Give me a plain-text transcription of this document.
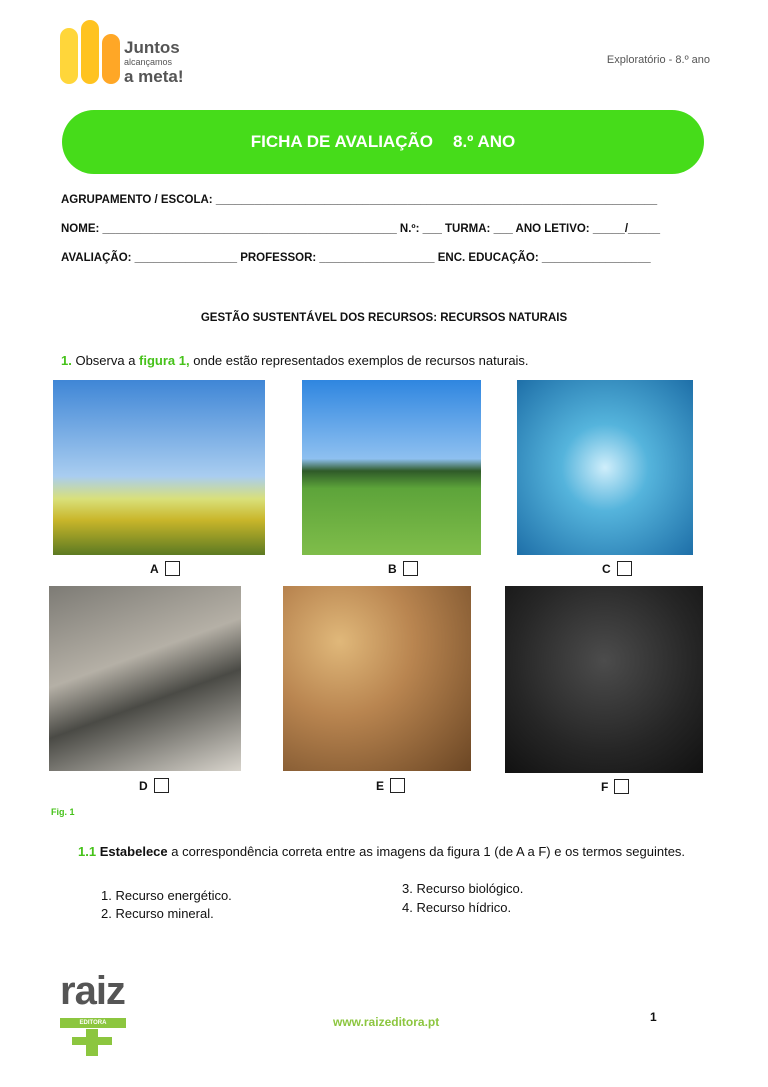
Juntos
alcançamos
a meta!
Exploratório - 8.º ano
FICHA DE AVALIAÇÃO 8.º ANO
AGRUPAMENTO / ESCOLA: _____________________________________________________________________
NOME: ______________________________________________ N.º: ___ TURMA: ___ ANO LETIVO: _____/_____
AVALIAÇÃO: ________________ PROFESSOR: __________________ ENC. EDUCAÇÃO: _________________
GESTÃO SUSTENTÁVEL DOS RECURSOS: RECURSOS NATURAIS
1. Observa a figura 1, onde estão representados exemplos de recursos naturais.
A	B	C
D	E	F
Fig. 1
1.1 Estabelece a correspondência correta entre as imagens da figura 1 (de A a F) e os termos seguintes.
1. Recurso energético.
2. Recurso mineral.
3. Recurso biológico.
4. Recurso hídrico.
raiz
EDITORA	www.raizeditora.pt	1
